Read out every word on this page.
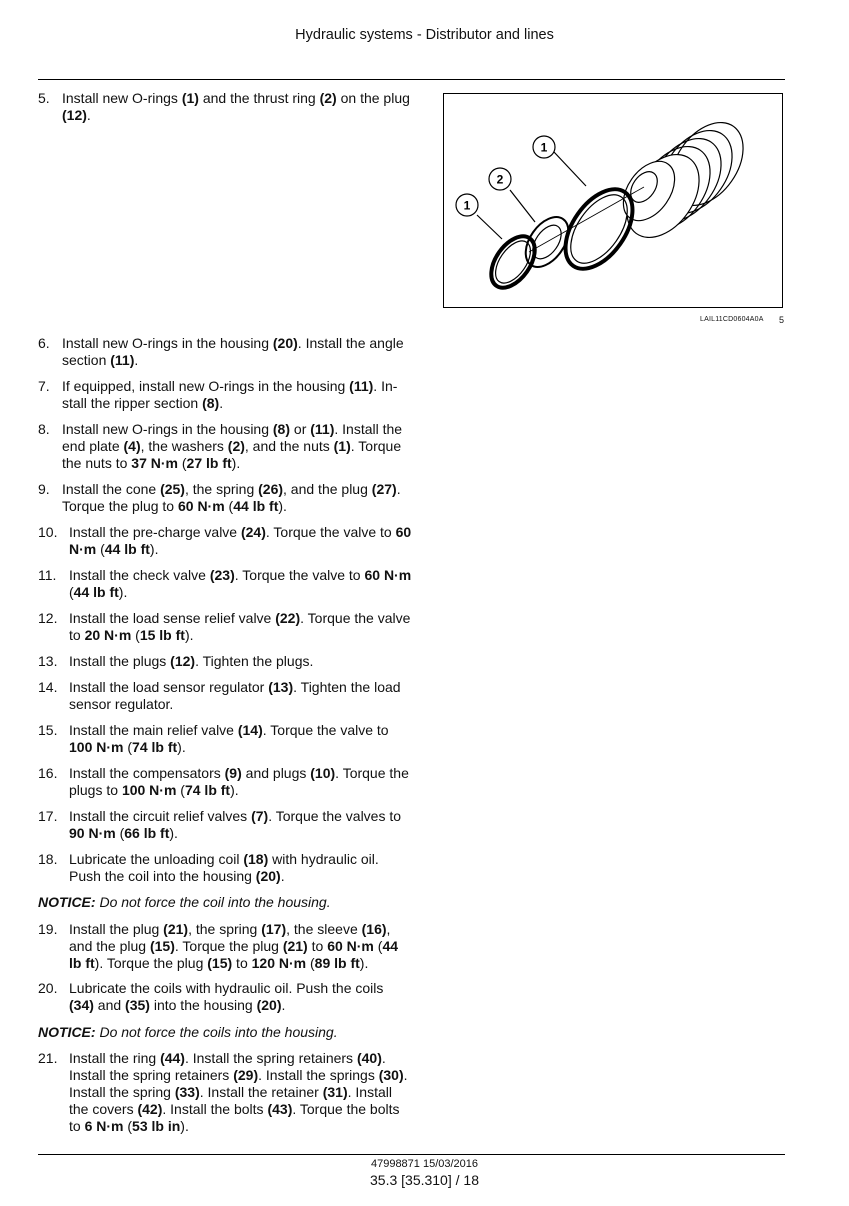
Hydraulic systems - Distributor and lines
5. Install new O-rings (1) and the thrust ring (2) on the plug (12).
1
2
1
LAIL11CD0604A0A 5
6. Install new O-rings in the housing (20). Install the angle section (11).
7. If equipped, install new O-rings in the housing (11). In-stall the ripper section (8).
8. Install new O-rings in the housing (8) or (11). Install the end plate (4), the washers (2), and the nuts (1). Torque the nuts to 37 N·m (27 lb ft).
9. Install the cone (25), the spring (26), and the plug (27). Torque the plug to 60 N·m (44 lb ft).
10. Install the pre-charge valve (24). Torque the valve to 60 N·m (44 lb ft).
11. Install the check valve (23). Torque the valve to 60 N·m (44 lb ft).
12. Install the load sense relief valve (22). Torque the valve to 20 N·m (15 lb ft).
13. Install the plugs (12). Tighten the plugs.
14. Install the load sensor regulator (13). Tighten the load sensor regulator.
15. Install the main relief valve (14). Torque the valve to 100 N·m (74 lb ft).
16. Install the compensators (9) and plugs (10). Torque the plugs to 100 N·m (74 lb ft).
17. Install the circuit relief valves (7). Torque the valves to 90 N·m (66 lb ft).
18. Lubricate the unloading coil (18) with hydraulic oil. Push the coil into the housing (20).
NOTICE: Do not force the coil into the housing.
19. Install the plug (21), the spring (17), the sleeve (16), and the plug (15). Torque the plug (21) to 60 N·m (44 lb ft). Torque the plug (15) to 120 N·m (89 lb ft).
20. Lubricate the coils with hydraulic oil. Push the coils (34) and (35) into the housing (20).
NOTICE: Do not force the coils into the housing.
21. Install the ring (44). Install the spring retainers (40). Install the spring retainers (29). Install the springs (30). Install the spring (33). Install the retainer (31). Install the covers (42). Install the bolts (43). Torque the bolts to 6 N·m (53 lb in).
47998871 15/03/2016
35.3 [35.310] / 18
